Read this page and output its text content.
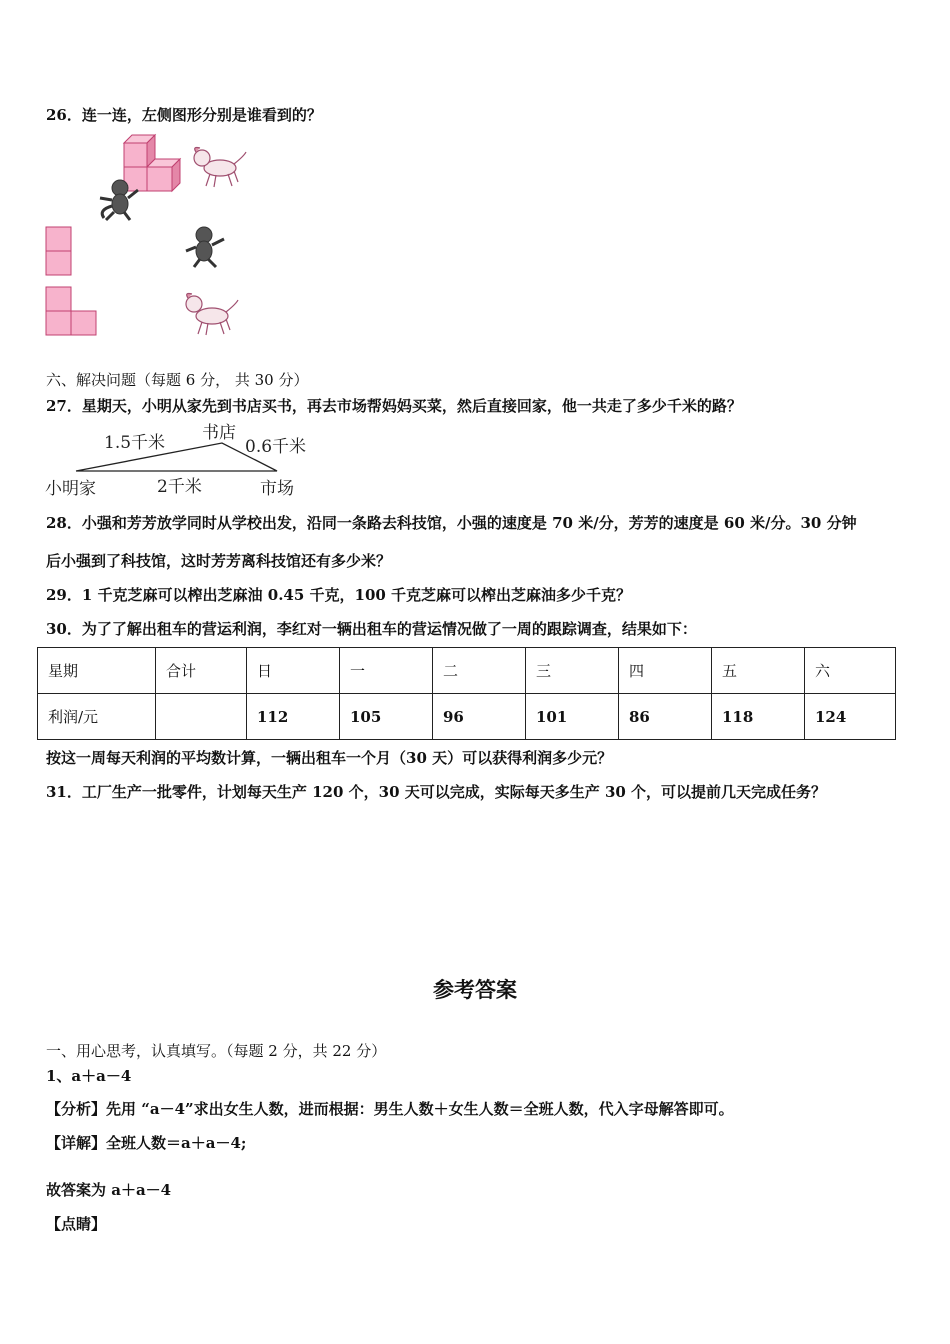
26．连一连，左侧图形分别是谁看到的？
六、解决问题（每题 6 分， 共 30 分）
27．星期天，小明从家先到书店买书，再去市场帮妈妈买菜，然后直接回家，他一共走了多少千米的路？
1.5千米 书店
0.6千米
小明家	2千米	市场
28．小强和芳芳放学同时从学校出发，沿同一条路去科技馆，小强的速度是 70 米/分，芳芳的速度是 60 米/分。30 分钟
后小强到了科技馆，这时芳芳离科技馆还有多少米？
29．1 千克芝麻可以榨出芝麻油 0.45 千克，100 千克芝麻可以榨出芝麻油多少千克？
30．为了了解出租车的营运利润，李红对一辆出租车的营运情况做了一周的跟踪调查，结果如下：
星期	合计	日	一	二	三	四	五	六
利润/元		112	105	96	101	86	118	124
按这一周每天利润的平均数计算，一辆出租车一个月（30 天）可以获得利润多少元？
31．工厂生产一批零件，计划每天生产 120 个，30 天可以完成，实际每天多生产 30 个，可以提前几天完成任务？
参考答案
一、用心思考，认真填写。（每题 2 分，共 22 分）
1、a＋a－4
【分析】先用 “a－4”求出女生人数，进而根据：男生人数＋女生人数＝全班人数，代入字母解答即可。
【详解】全班人数＝a＋a－4;
故答案为 a＋a－4
【点睛】
